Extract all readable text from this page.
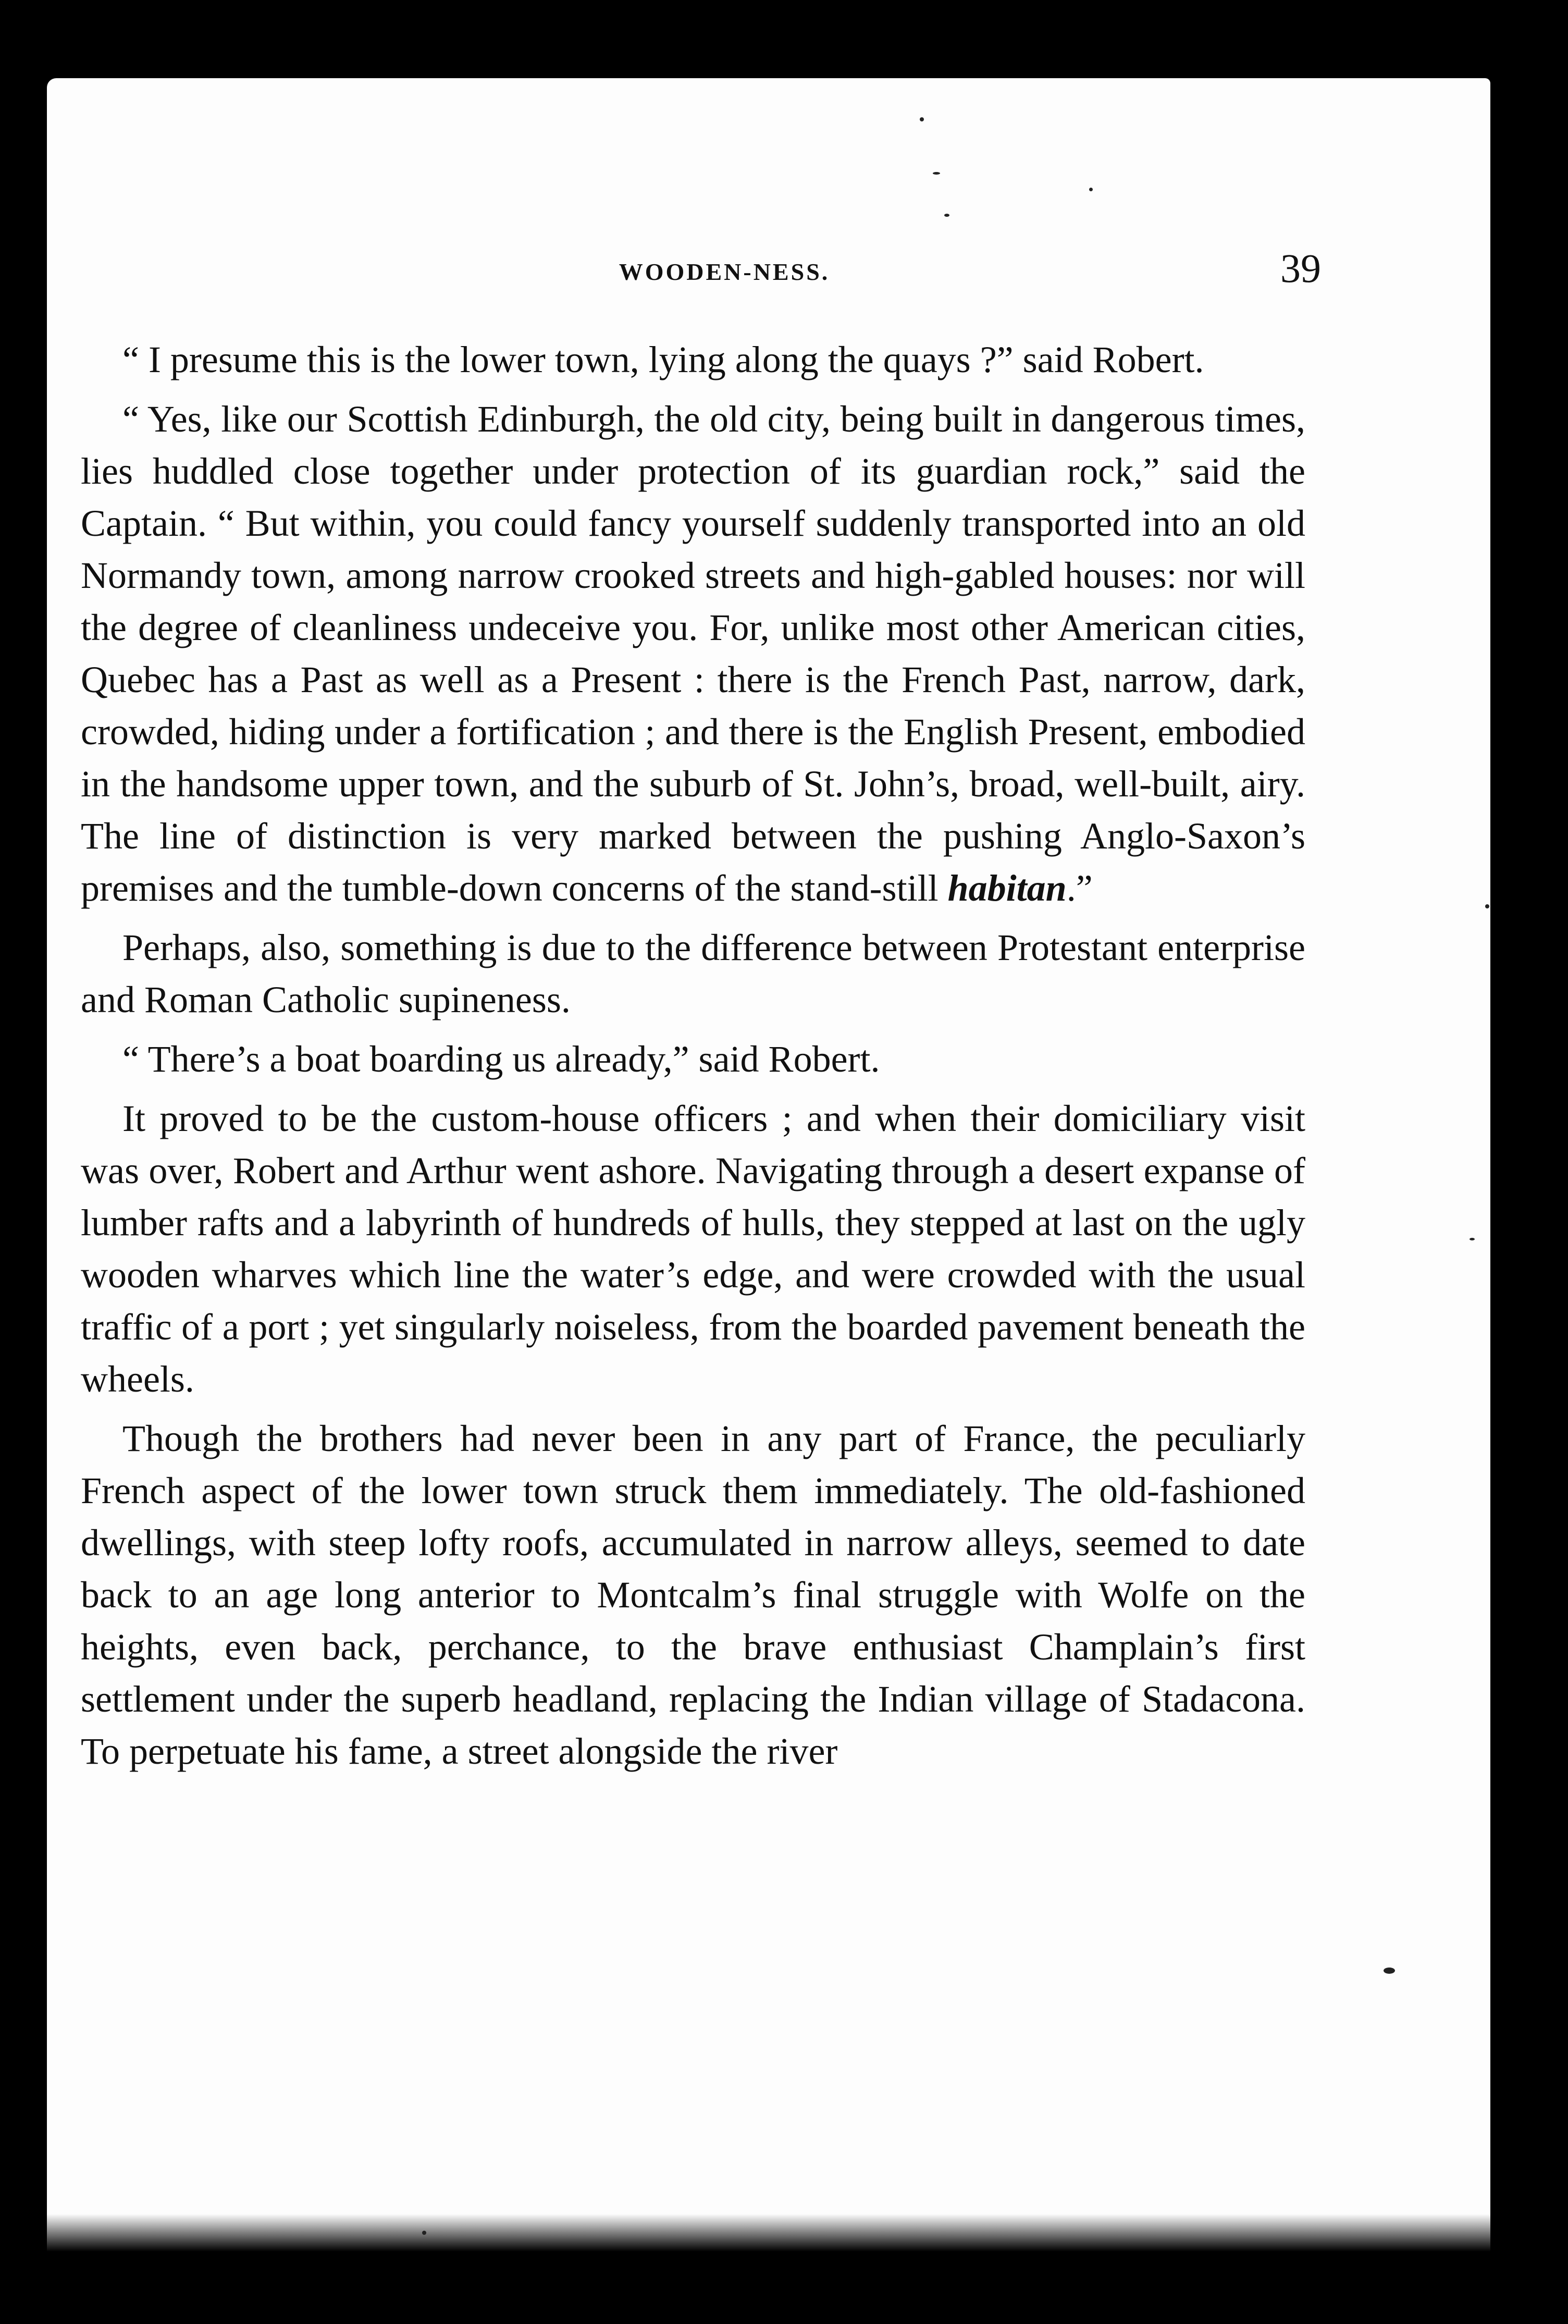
WOODEN-NESS.	39

“ I presume this is the lower town, lying along the quays ?” said Robert.

“ Yes, like our Scottish Edinburgh, the old city, being built in dangerous times, lies huddled close together under protection of its guardian rock,” said the Captain. “ But within, you could fancy yourself suddenly transported into an old Normandy town, among narrow crooked streets and high-gabled houses: nor will the degree of cleanliness undeceive you. For, unlike most other American cities, Quebec has a Past as well as a Present : there is the French Past, narrow, dark, crowded, hiding under a fortification ; and there is the English Present, embodied in the handsome upper town, and the suburb of St. John’s, broad, well-built, airy. The line of distinction is very marked between the pushing Anglo-Saxon’s premises and the tumble-down concerns of the stand-still habitan.”

Perhaps, also, something is due to the difference between Protestant enterprise and Roman Catholic supineness.

“ There’s a boat boarding us already,” said Robert.

It proved to be the custom-house officers ; and when their domiciliary visit was over, Robert and Arthur went ashore. Navigating through a desert expanse of lumber rafts and a labyrinth of hundreds of hulls, they stepped at last on the ugly wooden wharves which line the water’s edge, and were crowded with the usual traffic of a port ; yet singularly noiseless, from the boarded pavement beneath the wheels.

Though the brothers had never been in any part of France, the peculiarly French aspect of the lower town struck them immediately. The old-fashioned dwellings, with steep lofty roofs, accumulated in narrow alleys, seemed to date back to an age long anterior to Montcalm’s final struggle with Wolfe on the heights, even back, perchance, to the brave enthusiast Champlain’s first settlement under the superb headland, replacing the Indian village of Stadacona. To perpetuate his fame, a street alongside the river
